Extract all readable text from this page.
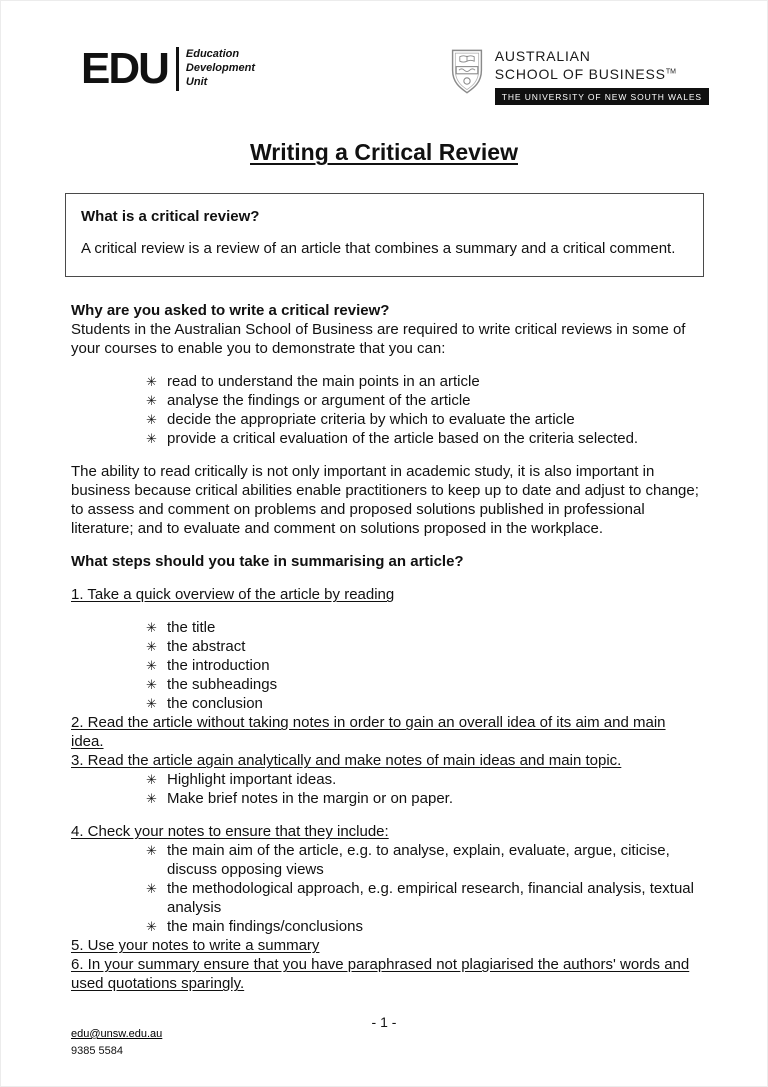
EDU Education
Development
Unit
AUSTRALIAN
SCHOOL OF BUSINESS™
THE UNIVERSITY OF NEW SOUTH WALES
Writing a Critical Review
What is a critical review?
A critical review is a review of an article that combines a summary and a critical comment.
Why are you asked to write a critical review?

Students in the Australian School of Business are required to write critical reviews in some of your courses to enable you to demonstrate that you can:

✳ read to understand the main points in an article
✳ analyse the findings or argument of the article
✳ decide the appropriate criteria by which to evaluate the article
✳ provide a critical evaluation of the article based on the criteria selected.

The ability to read critically is not only important in academic study, it is also important in business because critical abilities enable practitioners to keep up to date and adjust to change; to assess and comment on problems and proposed solutions published in professional literature; and to evaluate and comment on solutions proposed in the workplace.

What steps should you take in summarising an article?

1. Take a quick overview of the article by reading

✳ the title
✳ the abstract
✳ the introduction
✳ the subheadings
✳ the conclusion

2. Read the article without taking notes in order to gain an overall idea of its aim and main idea.

3. Read the article again analytically and make notes of main ideas and main topic.

✳ Highlight important ideas.
✳ Make brief notes in the margin or on paper.

4. Check your notes to ensure that they include:

✳ the main aim of the article, e.g. to analyse, explain, evaluate, argue, citicise, discuss opposing views
✳ the methodological approach, e.g. empirical research, financial analysis, textual analysis
✳ the main findings/conclusions

5. Use your notes to write a summary

6. In your summary ensure that you have paraphrased not plagiarised the authors' words and used quotations sparingly.

- 1 -
edu@unsw.edu.au
9385 5584
